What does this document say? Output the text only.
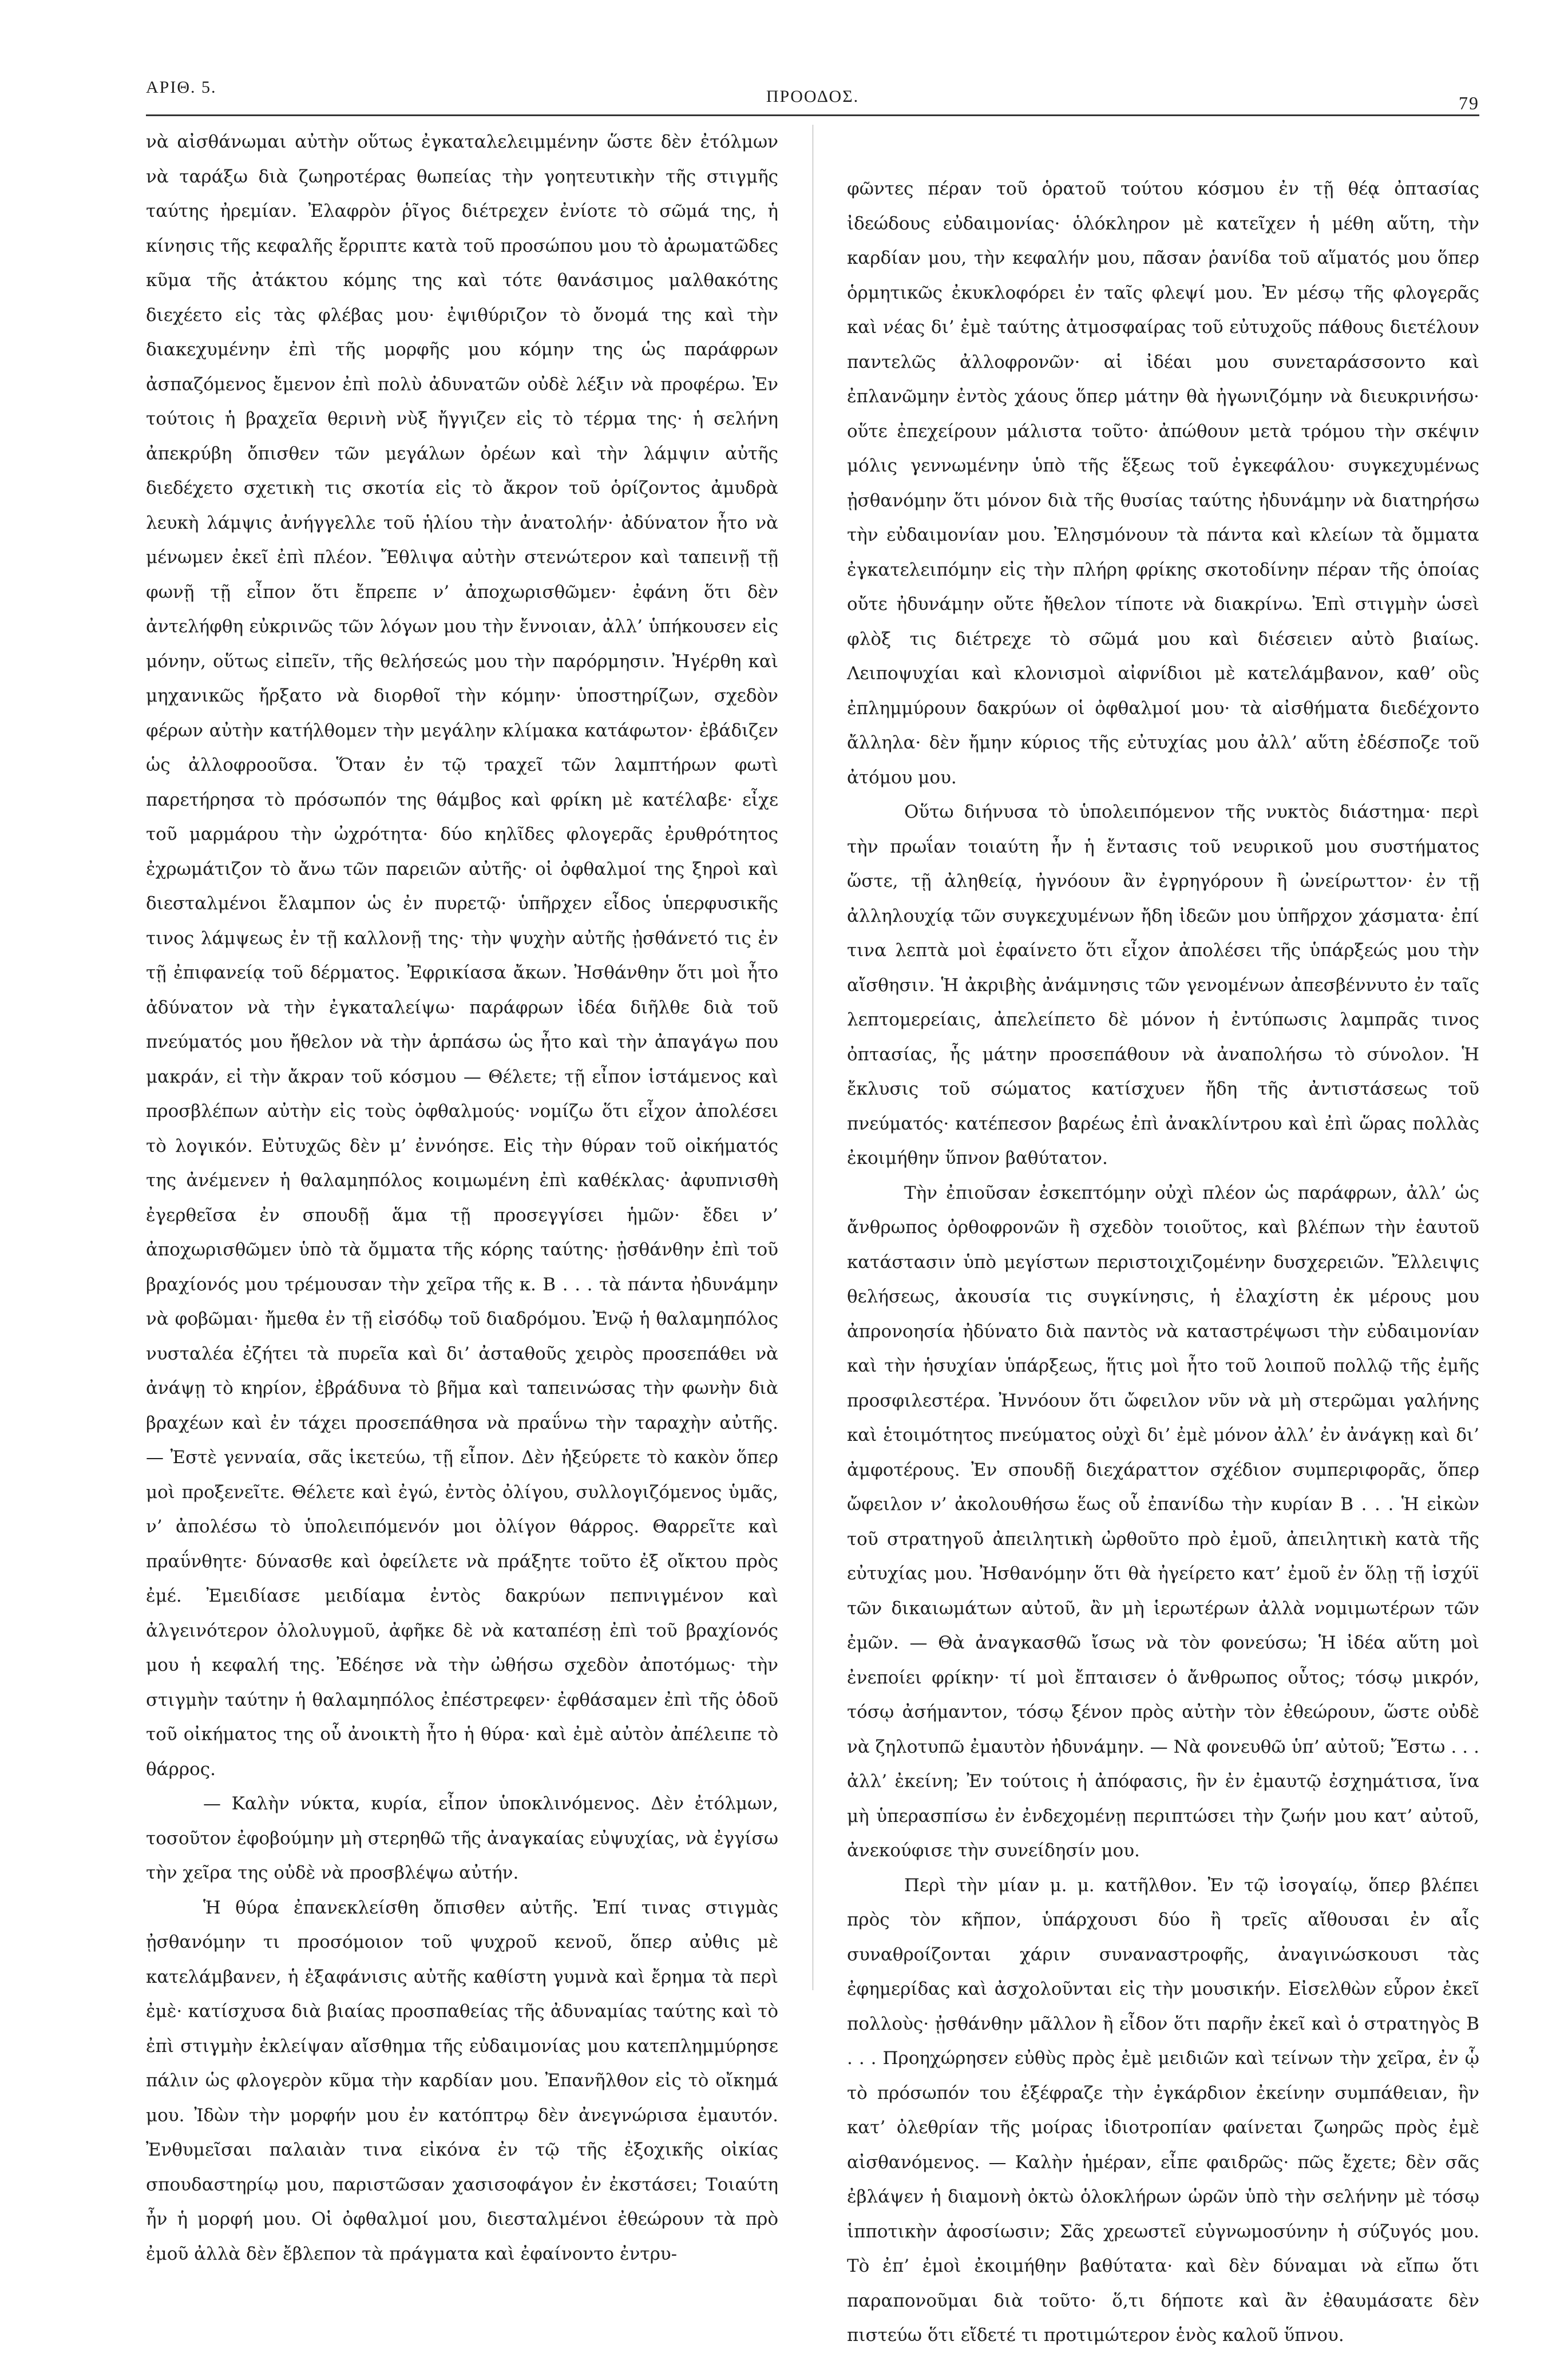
ΑΡΙΘ. 5.	ΠΡΟΟΔΟΣ.	79

νὰ αἰσθάνωμαι αὐτὴν οὕτως ἐγκαταλελειμμένην ὥστε δὲν ἐτόλμων νὰ ταράξω διὰ ζωηροτέρας θωπείας τὴν γοητευτικὴν τῆς στιγμῆς ταύτης ἠρεμίαν. Ἐλαφρὸν ῥῖγος διέτρεχεν ἐνίοτε τὸ σῶμά της, ἡ κίνησις τῆς κεφαλῆς ἔρριπτε κατὰ τοῦ προσώπου μου τὸ ἀρωματῶδες κῦμα τῆς ἀτάκτου κόμης της καὶ τότε θανάσιμος μαλθακότης διεχέετο εἰς τὰς φλέβας μου· ἐψιθύριζον τὸ ὄνομά της καὶ τὴν διακεχυμένην ἐπὶ τῆς μορφῆς μου κόμην της ὡς παράφρων ἀσπαζόμενος ἔμενον ἐπὶ πολὺ ἀδυνατῶν οὐδὲ λέξιν νὰ προφέρω. Ἐν τούτοις ἡ βραχεῖα θερινὴ νὺξ ἤγγιζεν εἰς τὸ τέρμα της· ἡ σελήνη ἀπεκρύβη ὄπισθεν τῶν μεγάλων ὀρέων καὶ τὴν λάμψιν αὐτῆς διεδέχετο σχετικὴ τις σκοτία εἰς τὸ ἄκρον τοῦ ὁρίζοντος ἀμυδρὰ λευκὴ λάμψις ἀνήγγελλε τοῦ ἡλίου τὴν ἀνατολήν· ἀδύνατον ἦτο νὰ μένωμεν ἐκεῖ ἐπὶ πλέον. Ἔθλιψα αὐτὴν στενώτερον καὶ ταπεινῇ τῇ φωνῇ τῇ εἶπον ὅτι ἔπρεπε ν’ ἀποχωρισθῶμεν· ἐφάνη ὅτι δὲν ἀντελήφθη εὐκρινῶς τῶν λόγων μου τὴν ἔννοιαν, ἀλλ’ ὑπήκουσεν εἰς μόνην, οὕτως εἰπεῖν, τῆς θελήσεώς μου τὴν παρόρμησιν. Ἠγέρθη καὶ μηχανικῶς ἤρξατο νὰ διορθοῖ τὴν κόμην· ὑποστηρίζων, σχεδὸν φέρων αὐτὴν κατήλθομεν τὴν μεγάλην κλίμακα κατάφωτον· ἐβάδιζεν ὡς ἀλλοφροοῦσα. Ὅταν ἐν τῷ τραχεῖ τῶν λαμπτήρων φωτὶ παρετήρησα τὸ πρόσωπόν της θάμβος καὶ φρίκη μὲ κατέλαβε· εἶχε τοῦ μαρμάρου τὴν ὠχρότητα· δύο κηλῖδες φλογερᾶς ἐρυθρότητος ἐχρωμάτιζον τὸ ἄνω τῶν παρειῶν αὐτῆς· οἱ ὀφθαλμοί της ξηροὶ καὶ διεσταλμένοι ἔλαμπον ὡς ἐν πυρετῷ· ὑπῆρχεν εἶδος ὑπερφυσικῆς τινος λάμψεως ἐν τῇ καλλονῇ της· τὴν ψυχὴν αὐτῆς ᾐσθάνετό τις ἐν τῇ ἐπιφανείᾳ τοῦ δέρματος. Ἐφρικίασα ἄκων. Ἠσθάνθην ὅτι μοὶ ἦτο ἀδύνατον νὰ τὴν ἐγκαταλείψω· παράφρων ἰδέα διῆλθε διὰ τοῦ πνεύματός μου ἤθελον νὰ τὴν ἁρπάσω ὡς ἦτο καὶ τὴν ἀπαγάγω που μακράν, εἰ τὴν ἄκραν τοῦ κόσμου — Θέλετε; τῇ εἶπον ἱστάμενος καὶ προσβλέπων αὐτὴν εἰς τοὺς ὀφθαλμούς· νομίζω ὅτι εἶχον ἀπολέσει τὸ λογικόν. Εὐτυχῶς δὲν μ’ ἐννόησε. Εἰς τὴν θύραν τοῦ οἰκήματός της ἀνέμενεν ἡ θαλαμηπόλος κοιμωμένη ἐπὶ καθέκλας· ἀφυπνισθὴ ἐγερθεῖσα ἐν σπουδῇ ἅμα τῇ προσεγγίσει ἡμῶν· ἔδει ν’ ἀποχωρισθῶμεν ὑπὸ τὰ ὄμματα τῆς κόρης ταύτης· ᾐσθάνθην ἐπὶ τοῦ βραχίονός μου τρέμουσαν τὴν χεῖρα τῆς κ. Β . . . τὰ πάντα ἠδυνάμην νὰ φοβῶμαι· ἤμεθα ἐν τῇ εἰσόδῳ τοῦ διαδρόμου. Ἐνῷ ἡ θαλαμηπόλος νυσταλέα ἐζήτει τὰ πυρεῖα καὶ δι’ ἀσταθοῦς χειρὸς προσεπάθει νὰ ἀνάψῃ τὸ κηρίον, ἐβράδυνα τὸ βῆμα καὶ ταπεινώσας τὴν φωνὴν διὰ βραχέων καὶ ἐν τάχει προσεπάθησα νὰ πραΰνω τὴν ταραχὴν αὐτῆς. — Ἐστὲ γενναία, σᾶς ἱκετεύω, τῇ εἶπον. Δὲν ἠξεύρετε τὸ κακὸν ὅπερ μοὶ προξενεῖτε. Θέλετε καὶ ἐγώ, ἐντὸς ὀλίγου, συλλογιζόμενος ὑμᾶς, ν’ ἀπολέσω τὸ ὑπολειπόμενόν μοι ὀλίγον θάρρος. Θαρρεῖτε καὶ πραΰνθητε· δύνασθε καὶ ὀφείλετε νὰ πράξητε τοῦτο ἐξ οἴκτου πρὸς ἐμέ. Ἐμειδίασε μειδίαμα ἐντὸς δακρύων πεπνιγμένον καὶ ἀλγεινότερον ὀλολυγμοῦ, ἀφῆκε δὲ νὰ καταπέσῃ ἐπὶ τοῦ βραχίονός μου ἡ κεφαλή της. Ἐδέησε νὰ τὴν ὠθήσω σχεδὸν ἀποτόμως· τὴν στιγμὴν ταύτην ἡ θαλαμηπόλος ἐπέστρεφεν· ἐφθάσαμεν ἐπὶ τῆς ὁδοῦ τοῦ οἰκήματος της οὗ ἀνοικτὴ ἦτο ἡ θύρα· καὶ ἐμὲ αὐτὸν ἀπέλειπε τὸ θάρρος.

— Καλὴν νύκτα, κυρία, εἶπον ὑποκλινόμενος. Δὲν ἐτόλμων, τοσοῦτον ἐφοβούμην μὴ στερηθῶ τῆς ἀναγκαίας εὐψυχίας, νὰ ἐγγίσω τὴν χεῖρα της οὐδὲ νὰ προσβλέψω αὐτήν.

Ἡ θύρα ἐπανεκλείσθη ὄπισθεν αὐτῆς. Ἐπί τινας στιγμὰς ᾐσθανόμην τι προσόμοιον τοῦ ψυχροῦ κενοῦ, ὅπερ αὐθις μὲ κατελάμβανεν, ἡ ἐξαφάνισις αὐτῆς καθίστη γυμνὰ καὶ ἔρημα τὰ περὶ ἐμὲ· κατίσχυσα διὰ βιαίας προσπαθείας τῆς ἀδυναμίας ταύτης καὶ τὸ ἐπὶ στιγμὴν ἐκλείψαν αἴσθημα τῆς εὐδαιμονίας μου κατεπλημμύρησε πάλιν ὡς φλογερὸν κῦμα τὴν καρδίαν μου. Ἐπανῆλθον εἰς τὸ οἴκημά μου. Ἰδὼν τὴν μορφήν μου ἐν κατόπτρῳ δὲν ἀνεγνώρισα ἐμαυτόν. Ἐνθυμεῖσαι παλαιὰν τινα εἰκόνα ἐν τῷ τῆς ἐξοχικῆς οἰκίας σπουδαστηρίῳ μου, παριστῶσαν χασισοφάγον ἐν ἐκστάσει; Τοιαύτη ἦν ἡ μορφή μου. Οἱ ὀφθαλμοί μου, διεσταλμένοι ἐθεώρουν τὰ πρὸ ἐμοῦ ἀλλὰ δὲν ἔβλεπον τὰ πράγματα καὶ ἐφαίνοντο ἐντρυ-

φῶντες πέραν τοῦ ὁρατοῦ τούτου κόσμου ἐν τῇ θέᾳ ὀπτασίας ἰδεώδους εὐδαιμονίας· ὁλόκληρον μὲ κατεῖχεν ἡ μέθη αὕτη, τὴν καρδίαν μου, τὴν κεφαλήν μου, πᾶσαν ῥανίδα τοῦ αἵματός μου ὅπερ ὁρμητικῶς ἐκυκλοφόρει ἐν ταῖς φλεψί μου. Ἐν μέσῳ τῆς φλογερᾶς καὶ νέας δι’ ἐμὲ ταύτης ἀτμοσφαίρας τοῦ εὐτυχοῦς πάθους διετέλουν παντελῶς ἀλλοφρονῶν· αἱ ἰδέαι μου συνεταράσσοντο καὶ ἐπλανῶμην ἐντὸς χάους ὅπερ μάτην θὰ ἠγωνιζόμην νὰ διευκρινήσω· οὕτε ἐπεχείρουν μάλιστα τοῦτο· ἀπώθουν μετὰ τρόμου τὴν σκέψιν μόλις γεννωμένην ὑπὸ τῆς ἕξεως τοῦ ἐγκεφάλου· συγκεχυμένως ᾐσθανόμην ὅτι μόνον διὰ τῆς θυσίας ταύτης ἠδυνάμην νὰ διατηρήσω τὴν εὐδαιμονίαν μου. Ἐλησμόνουν τὰ πάντα καὶ κλείων τὰ ὄμματα ἐγκατελειπόμην εἰς τὴν πλήρη φρίκης σκοτοδίνην πέραν τῆς ὁποίας οὔτε ἠδυνάμην οὔτε ἤθελον τίποτε νὰ διακρίνω. Ἐπὶ στιγμὴν ὡσεὶ φλὸξ τις διέτρεχε τὸ σῶμά μου καὶ διέσειεν αὐτὸ βιαίως. Λειποψυχίαι καὶ κλονισμοὶ αἰφνίδιοι μὲ κατελάμβανον, καθ’ οὓς ἐπλημμύρουν δακρύων οἱ ὀφθαλμοί μου· τὰ αἰσθήματα διεδέχοντο ἄλληλα· δὲν ἤμην κύριος τῆς εὐτυχίας μου ἀλλ’ αὕτη ἐδέσποζε τοῦ ἀτόμου μου.

Οὕτω διήνυσα τὸ ὑπολειπόμενον τῆς νυκτὸς διάστημα· περὶ τὴν πρωΐαν τοιαύτη ἦν ἡ ἔντασις τοῦ νευρικοῦ μου συστήματος ὥστε, τῇ ἀληθείᾳ, ἠγνόουν ἂν ἐγρηγόρουν ἢ ὠνείρωττον· ἐν τῇ ἀλληλουχίᾳ τῶν συγκεχυμένων ἤδη ἰδεῶν μου ὑπῆρχον χάσματα· ἐπί τινα λεπτὰ μοὶ ἐφαίνετο ὅτι εἶχον ἀπολέσει τῆς ὑπάρξεώς μου τὴν αἴσθησιν. Ἡ ἀκριβὴς ἀνάμνησις τῶν γενομένων ἀπεσβέννυτο ἐν ταῖς λεπτομερείαις, ἀπελείπετο δὲ μόνον ἡ ἐντύπωσις λαμπρᾶς τινος ὀπτασίας, ἧς μάτην προσεπάθουν νὰ ἀναπολήσω τὸ σύνολον. Ἡ ἔκλυσις τοῦ σώματος κατίσχυεν ἤδη τῆς ἀντιστάσεως τοῦ πνεύματός· κατέπεσον βαρέως ἐπὶ ἀνακλίντρου καὶ ἐπὶ ὥρας πολλὰς ἐκοιμήθην ὕπνον βαθύτατον.

Τὴν ἐπιοῦσαν ἐσκεπτόμην οὐχὶ πλέον ὡς παράφρων, ἀλλ’ ὡς ἄνθρωπος ὀρθοφρονῶν ἢ σχεδὸν τοιοῦτος, καὶ βλέπων τὴν ἑαυτοῦ κατάστασιν ὑπὸ μεγίστων περιστοιχιζομένην δυσχερειῶν. Ἔλλειψις θελήσεως, ἀκουσία τις συγκίνησις, ἡ ἐλαχίστη ἐκ μέρους μου ἀπρονοησία ἠδύνατο διὰ παντὸς νὰ καταστρέψωσι τὴν εὐδαιμονίαν καὶ τὴν ἡσυχίαν ὑπάρξεως, ἥτις μοὶ ἦτο τοῦ λοιποῦ πολλῷ τῆς ἐμῆς προσφιλεστέρα. Ἠννόουν ὅτι ὤφειλον νῦν νὰ μὴ στερῶμαι γαλήνης καὶ ἑτοιμότητος πνεύματος οὐχὶ δι’ ἐμὲ μόνον ἀλλ’ ἐν ἀνάγκῃ καὶ δι’ ἀμφοτέρους. Ἐν σπουδῇ διεχάραττον σχέδιον συμπεριφορᾶς, ὅπερ ὤφειλον ν’ ἀκολουθήσω ἕως οὗ ἐπανίδω τὴν κυρίαν Β . . . Ἡ εἰκὼν τοῦ στρατηγοῦ ἀπειλητικὴ ὠρθοῦτο πρὸ ἐμοῦ, ἀπειλητικὴ κατὰ τῆς εὐτυχίας μου. Ἠσθανόμην ὅτι θὰ ἠγείρετο κατ’ ἐμοῦ ἐν ὅλῃ τῇ ἰσχύϊ τῶν δικαιωμάτων αὐτοῦ, ἂν μὴ ἱερωτέρων ἀλλὰ νομιμωτέρων τῶν ἐμῶν. — Θὰ ἀναγκασθῶ ἴσως νὰ τὸν φονεύσω; Ἡ ἰδέα αὕτη μοὶ ἐνεποίει φρίκην· τί μοὶ ἔπταισεν ὁ ἄνθρωπος οὗτος; τόσῳ μικρόν, τόσῳ ἀσήμαντον, τόσῳ ξένον πρὸς αὐτὴν τὸν ἐθεώρουν, ὥστε οὐδὲ νὰ ζηλοτυπῶ ἐμαυτὸν ἠδυνάμην. — Νὰ φονευθῶ ὑπ’ αὐτοῦ; Ἔστω . . . ἀλλ’ ἐκείνη; Ἐν τούτοις ἡ ἀπόφασις, ἣν ἐν ἐμαυτῷ ἐσχημάτισα, ἵνα μὴ ὑπερασπίσω ἐν ἐνδεχομένῃ περιπτώσει τὴν ζωήν μου κατ’ αὐτοῦ, ἀνεκούφισε τὴν συνείδησίν μου.

Περὶ τὴν μίαν μ. μ. κατῆλθον. Ἐν τῷ ἰσογαίῳ, ὅπερ βλέπει πρὸς τὸν κῆπον, ὑπάρχουσι δύο ἢ τρεῖς αἴθουσαι ἐν αἷς συναθροίζονται χάριν συναναστροφῆς, ἀναγινώσκουσι τὰς ἐφημερίδας καὶ ἀσχολοῦνται εἰς τὴν μουσικήν. Εἰσελθὼν εὗρον ἐκεῖ πολλοὺς· ᾐσθάνθην μᾶλλον ἢ εἶδον ὅτι παρῆν ἐκεῖ καὶ ὁ στρατηγὸς Β . . . Προηχώρησεν εὐθὺς πρὸς ἐμὲ μειδιῶν καὶ τείνων τὴν χεῖρα, ἐν ᾧ τὸ πρόσωπόν του ἐξέφραζε τὴν ἐγκάρδιον ἐκείνην συμπάθειαν, ἣν κατ’ ὀλεθρίαν τῆς μοίρας ἰδιοτροπίαν φαίνεται ζωηρῶς πρὸς ἐμὲ αἰσθανόμενος. — Καλὴν ἡμέραν, εἶπε φαιδρῶς· πῶς ἔχετε; δὲν σᾶς ἐβλάψεν ἡ διαμονὴ ὀκτὼ ὁλοκλήρων ὡρῶν ὑπὸ τὴν σελήνην μὲ τόσῳ ἱπποτικὴν ἀφοσίωσιν; Σᾶς χρεωστεῖ εὐγνωμοσύνην ἡ σύζυγός μου. Τὸ ἐπ’ ἐμοὶ ἐκοιμήθην βαθύτατα· καὶ δὲν δύναμαι νὰ εἴπω ὅτι παραπονοῦμαι διὰ τοῦτο· ὅ,τι δήποτε καὶ ἂν ἐθαυμάσατε δὲν πιστεύω ὅτι εἴδετέ τι προτιμώτερον ἑνὸς καλοῦ ὕπνου.
